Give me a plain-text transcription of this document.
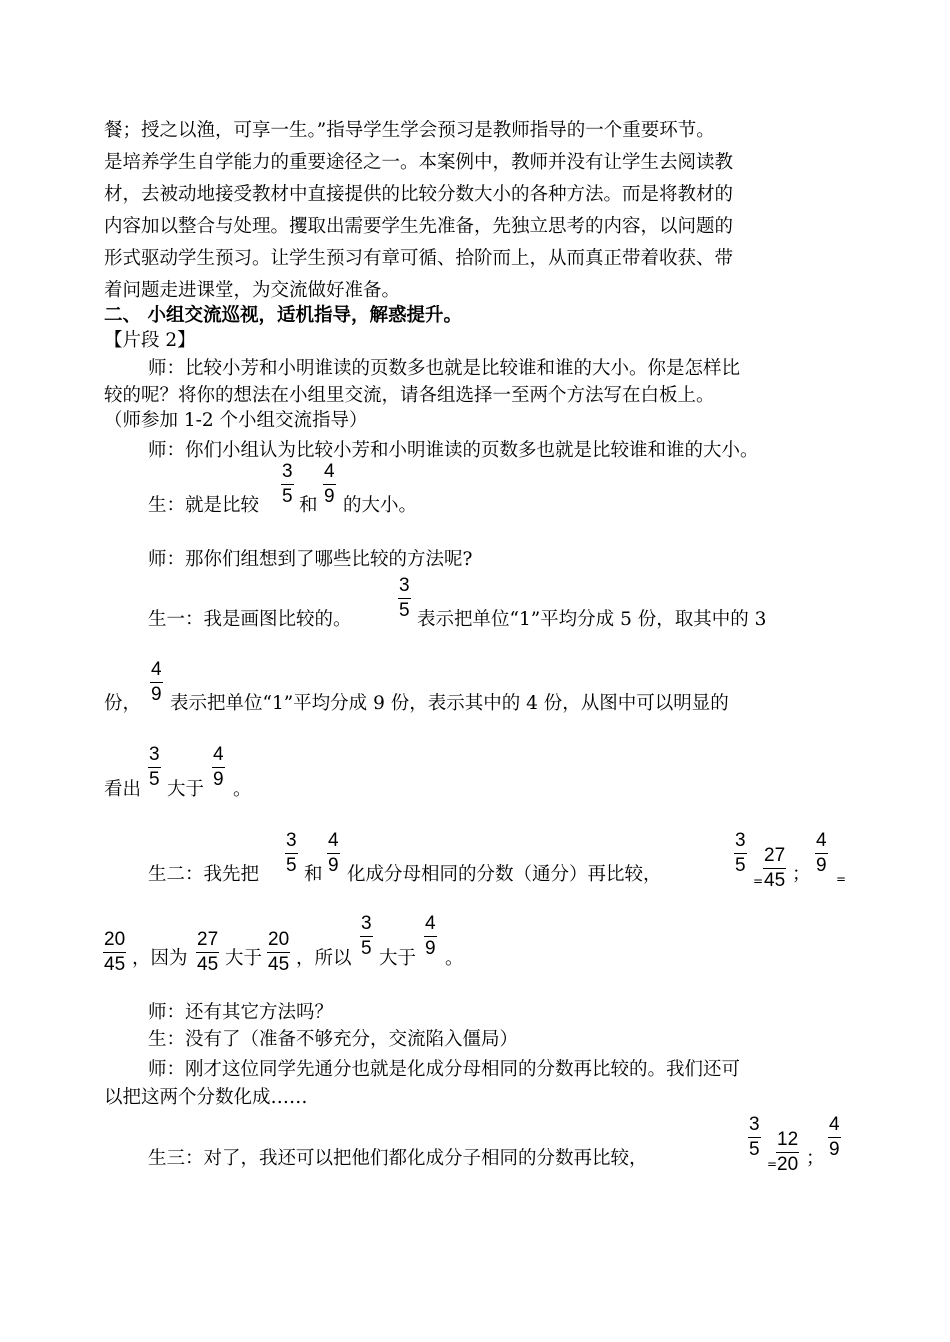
餐；授之以渔，可享一生。”指导学生学会预习是教师指导的一个重要环节。
是培养学生自学能力的重要途径之一。本案例中，教师并没有让学生去阅读教
材，去被动地接受教材中直接提供的比较分数大小的各种方法。而是将教材的
内容加以整合与处理。攫取出需要学生先准备，先独立思考的内容，以问题的
形式驱动学生预习。让学生预习有章可循、拾阶而上，从而真正带着收获、带
着问题走进课堂，为交流做好准备。
二、 小组交流巡视，适机指导，解惑提升。
【片段 2】
师：比较小芳和小明谁读的页数多也就是比较谁和谁的大小。你是怎样比
较的呢？将你的想法在小组里交流，请各组选择一至两个方法写在白板上。
（师参加 1-2 个小组交流指导）
师：你们小组认为比较小芳和小明谁读的页数多也就是比较谁和谁的大小。
生：就是比较
3
5 和
4
9 的大小。
师：那你们组想到了哪些比较的方法呢?
生一：我是画图比较的。
3
5 表示把单位“1”平均分成 5 份，取其中的 3
份，
4
9 表示把单位“1”平均分成 9 份，表示其中的 4 份，从图中可以明显的
看出
3
5 大于
4
9 。
生二：我先把
3
5 和
4
9 化成分母相同的分数（通分）再比较，
3
5
=
27
45 ；
4
9
=
20
45 ，因为
27
45 大于
20
45 ，所以
3
5 大于
4
9 。
师：还有其它方法吗？
生：没有了（准备不够充分，交流陷入僵局）
师：刚才这位同学先通分也就是化成分母相同的分数再比较的。我们还可
以把这两个分数化成……
生三：对了，我还可以把他们都化成分子相同的分数再比较，
3
5
=
12
20 ；
4
9
